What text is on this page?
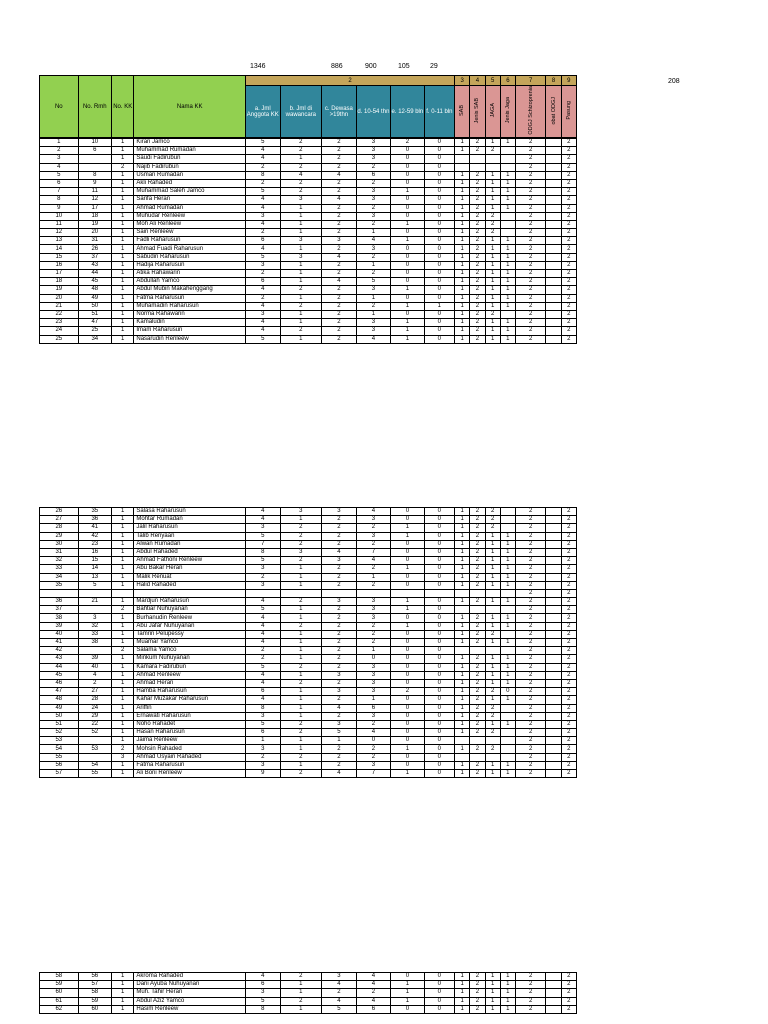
1346	886	900	105	29
208
No	No. Rmh	No. KK	Nama KK	2						3	4	5	6	7	8	9
				a. Jml Anggota KK	b. Jml di wawancara	c. Dewasa >19thn	d. 10-54 thn	e. 12-59 bln	f. 0-11 bln	SAB	Jenis SAB	JAGA	Jenis Jaga	ODGJ Schizoprenia	obat ODGJ	Pasung
1	10	1	Kiran Jamco	5	2	2	3	2	0	1	2	1	1	2		2
2	6	1	Muhammad Rumadan	4	2	2	3	0	0	1	2	2		2		2
3		1	Saudi Fadirubun	4	1	2	3	0	0					2		2
4		2	Najib Fadirubun	2	2	2	2	0	0					2		2
5	8	1	Usman Rumadan	8	4	4	6	0	0	1	2	1	1	2		2
6	9	1	Akli Rahaded	2	2	2	2	0	0	1	2	1	1	2		2
7	11	1	Muhammad Saleh Jamco	5	2	2	3	1	0	1	2	1	1	2		2
8	12	1	Sarifa Heran	4	3	4	3	0	0	1	2	1	1	2		2
9	17	1	Ahmad Rumadan	4	1	2	2	0	0	1	2	1	1	2		2
10	18	1	Muhudar Renleew	3	1	2	3	0	0	1	2	2		2		2
11	19	1	Moh Ali Renleew	4	1	2	2	1	0	1	2	2		2		2
12	20	1	Sain Renleew	2	1	2	1	0	0	1	2	2		2		2
13	31	1	Fadli Raharusun	6	3	3	4	1	0	1	2	1	1	2		2
14	26	1	Ahmad Fuadi Raharusun	4	1	2	3	0	0	1	2	1	1	2		2
15	37	1	Sabudin Raharusun	5	3	4	2	0	0	1	2	1	1	2		2
16	43	1	Hadija Raharusun	3	1	2	1	0	0	1	2	1	1	2		2
17	44	1	Atika Rahawarin	2	1	2	2	0	0	1	2	1	1	2		2
18	45	1	Abdullah Yamco	6	1	4	5	0	0	1	2	1	1	2		2
19	48	1	Abdul Mubin Makahenggang	4	2	2	3	1	0	1	2	1	1	2		2
20	49	1	Fatma Raharusun	2	1	2	1	0	0	1	2	1	1	2		2
21	50	1	Muhamadin Raharusun	4	2	2	2	1	1	1	2	1	1	2		2
22	51	1	Norma Rahawarin	3	1	2	1	0	0	1	2	2		2		2
23	47	1	Kamaludin	4	1	2	3	1	0	1	2	1	1	2		2
24	25	1	Imam Raharusun	4	2	2	3	1	0	1	2	1	1	2		2
25	34	1	Nasarudin Renleew	5	1	2	4	1	0	1	2	1	1	2		2
26	35	1	Salasa Raharusun	4	3	3	4	0	0	1	2	2		2		2
27	36	1	Mohtar Rumadan	4	1	2	3	0	0	1	2	2		2		2
28	41	1	Jalil Raharusun	3	2	2	2	1	0	1	2	2		2		2
29	42	1	Talib Renyaan	5	2	2	3	1	0	1	2	1	1	2		2
30	23	1	Alwan Rumadan	7	2	2	2	0	0	1	2	1	1	2		2
31	16	1	Abdul Rahaded	8	3	4	7	0	0	1	2	1	1	2		2
32	15	1	Ahmad Fathoni Renleew	5	2	3	4	0	0	1	2	1	1	2		2
33	14	1	Abu Bakar Heran	3	1	2	2	1	0	1	2	1	1	2		2
34	13	1	Malik Renuat	2	1	2	1	0	0	1	2	1	1	2		2
35	5	1	Halid Rahaded	3	1	2	2	0	0	1	2	1	1	2		2
														2		2
36	21	1	Mardjun Raharusun	4	2	3	3	1	0	1	2	1	1	2		2
37		2	Bahtiar Nuhuyanan	5	1	2	3	1	0					2		2
38	3	1	Burhanudin Renleew	4	1	2	3	0	0	1	2	1	1	2		2
39	32	1	Abu Jafar Nuhuyanan	4	2	2	2	1	0	1	2	1	1	2		2
40	33	1	Tamrin Pelupessy	4	1	2	2	0	0	1	2	2		2		2
41	38	1	Muamar Yamco	4	1	2	2	0	0	1	2	1	1	2		2
42		2	Salama Yamco	2	1	2	1	0	0					2		2
43	39	1	Minkum Nuhuyanan	2	1	2	0	0	0	1	2	1	1	2		2
44	40	1	Kamara Fadirubun	5	2	2	3	0	0	1	2	1	1	2		2
45	4	1	Ahmad Renleew	4	1	3	3	0	0	1	2	1	1	2		2
46	2	1	Ahmad Heran	4	2	2	3	0	0	1	2	1	1	2		2
47	27	1	Hamba Raharusun	6	1	3	3	2	0	1	2	2	0	2		2
48	28	1	Kahar Muzakar Raharusun	4	1	2	1	0	0	1	2	1	1	2		2
49	24	1	Ariffin	8	1	4	6	0	0	1	2	2		2		2
50	29	1	Ernawati Raharusun	3	1	2	3	0	0	1	2	2		2		2
51	22	1	Noho Rahadet	5	2	3	2	0	0	1	2	1	1	2		2
52	52	1	Hasan Raharusun	6	2	5	4	0	0	1	2	2		2		2
53		1	Jaima Renleew	1	1	1	0	0	0					2		2
54	53	2	Mohsin Rahaded	3	1	2	2	1	0	1	2	2		2		2
55		3	Ahmad Usyairi Rahaded	2	2	2	2	0	0					2		2
56	54	1	Fatma Raharusun	3	1	2	3	0	0	1	2	1	1	2		2
57	55	1	Ali Boni Renleew	9	2	4	7	1	0	1	2	1	1	2		2
58	56	1	Akroma Rahaded	4	2	3	4	0	0	1	2	1	1	2		2
59	57	1	Dani Ayuba Nuhuyanan	6	1	4	4	1	0	1	2	1	1	2		2
60	58	1	Muh. Tahir Heran	3	1	2	2	1	0	1	2	1	1	2		2
61	59	1	Abdul Aziz Yamco	5	2	4	4	1	0	1	2	1	1	2		2
62	60	1	Hasim Renleew	8	1	5	6	0	0	1	2	1	1	2		2
